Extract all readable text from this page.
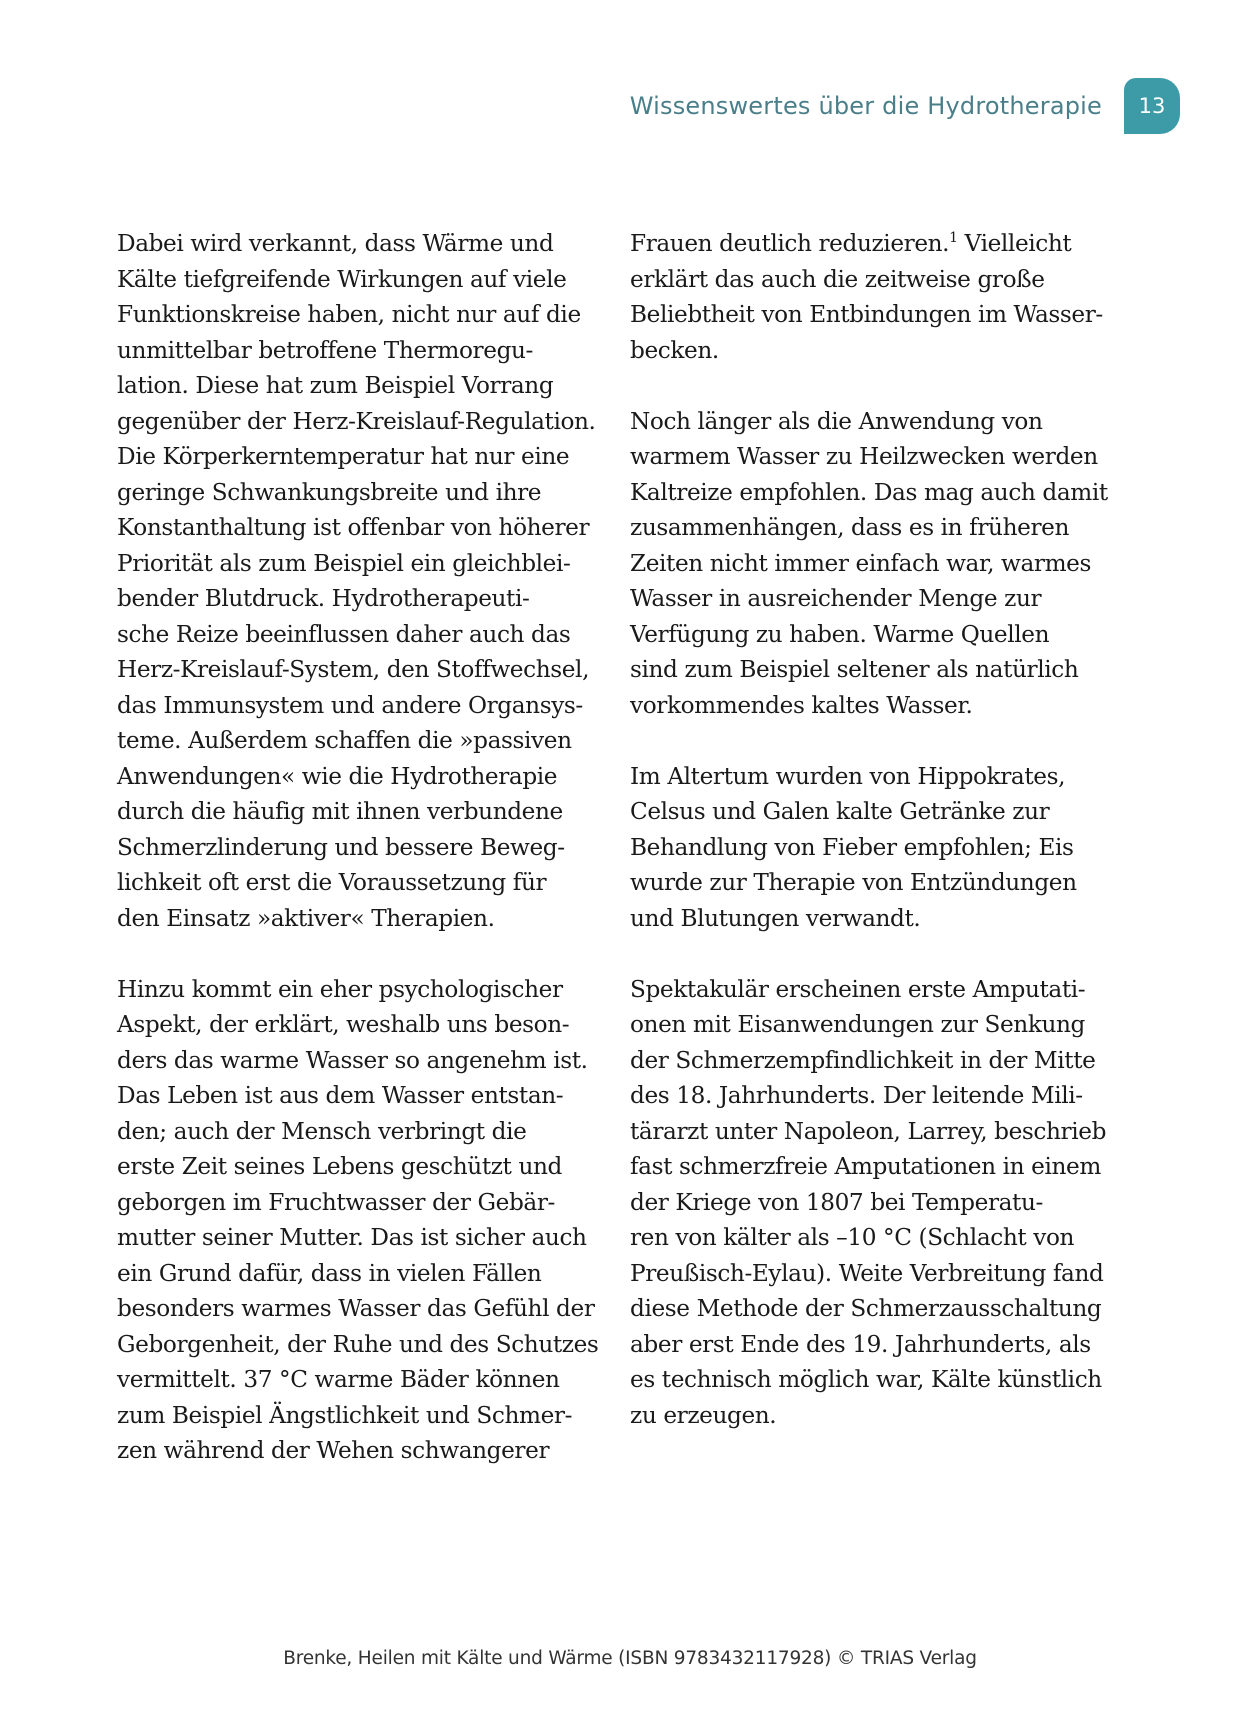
Wissenswertes über die Hydrotherapie 13
Dabei wird verkannt, dass Wärme und
Kälte tiefgreifende Wirkungen auf viele
Funktionskreise haben, nicht nur auf die
unmittelbar betroffene Thermoregu-
lation. Diese hat zum Beispiel Vorrang
gegenüber der Herz-Kreislauf-Regulation.
Die Körperkerntemperatur hat nur eine
geringe Schwankungsbreite und ihre
Konstanthaltung ist offenbar von höherer
Priorität als zum Beispiel ein gleichblei-
bender Blutdruck. Hydrotherapeuti-
sche Reize beeinflussen daher auch das
Herz-Kreislauf-System, den Stoffwechsel,
das Immunsystem und andere Organsys-
teme. Außerdem schaffen die »passiven
Anwendungen« wie die Hydrotherapie
durch die häufig mit ihnen verbundene
Schmerzlinderung und bessere Beweg-
lichkeit oft erst die Voraussetzung für
den Einsatz »aktiver« Therapien.
Hinzu kommt ein eher psychologischer
Aspekt, der erklärt, weshalb uns beson-
ders das warme Wasser so angenehm ist.
Das Leben ist aus dem Wasser entstan-
den; auch der Mensch verbringt die
erste Zeit seines Lebens geschützt und
geborgen im Fruchtwasser der Gebär-
mutter seiner Mutter. Das ist sicher auch
ein Grund dafür, dass in vielen Fällen
besonders warmes Wasser das Gefühl der
Geborgenheit, der Ruhe und des Schutzes
vermittelt. 37 °C warme Bäder können
zum Beispiel Ängstlichkeit und Schmer-
zen während der Wehen schwangerer
Frauen deutlich reduzieren.$^1$ Vielleicht
erklärt das auch die zeitweise große
Beliebtheit von Entbindungen im Wasser-
becken.
Noch länger als die Anwendung von
warmem Wasser zu Heilzwecken werden
Kaltreize empfohlen. Das mag auch damit
zusammenhängen, dass es in früheren
Zeiten nicht immer einfach war, warmes
Wasser in ausreichender Menge zur
Verfügung zu haben. Warme Quellen
sind zum Beispiel seltener als natürlich
vorkommendes kaltes Wasser.
Im Altertum wurden von Hippokrates,
Celsus und Galen kalte Getränke zur
Behandlung von Fieber empfohlen; Eis
wurde zur Therapie von Entzündungen
und Blutungen verwandt.
Spektakulär erscheinen erste Amputati-
onen mit Eisanwendungen zur Senkung
der Schmerzempfindlichkeit in der Mitte
des 18. Jahrhunderts. Der leitende Mili-
tärarzt unter Napoleon, Larrey, beschrieb
fast schmerzfreie Amputationen in einem
der Kriege von 1807 bei Temperatu-
ren von kälter als –10 °C (Schlacht von
Preußisch-Eylau). Weite Verbreitung fand
diese Methode der Schmerzausschaltung
aber erst Ende des 19. Jahrhunderts, als
es technisch möglich war, Kälte künstlich
zu erzeugen.
Brenke, Heilen mit Kälte und Wärme (ISBN 9783432117928) © TRIAS Verlag
